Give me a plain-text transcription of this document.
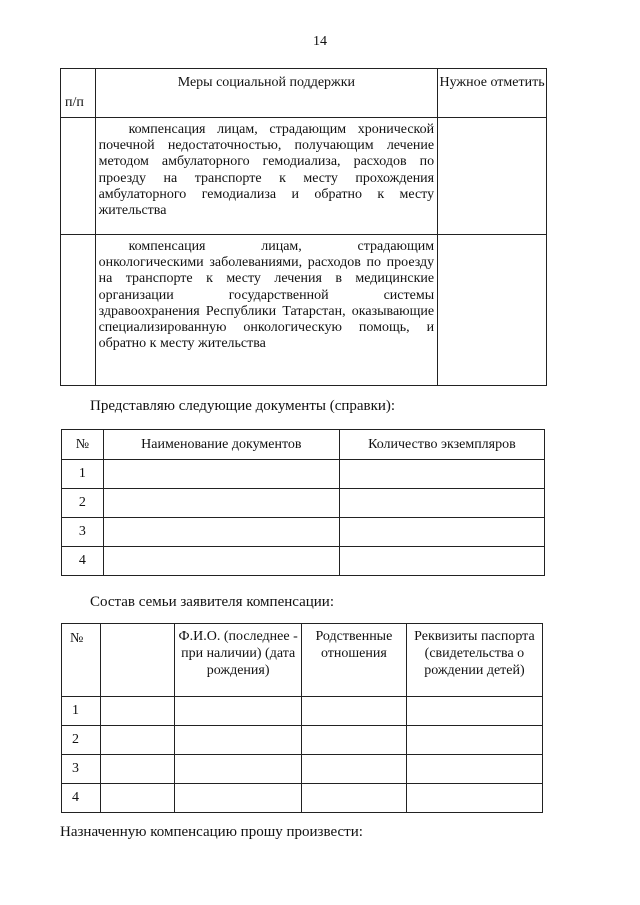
14
п/п	Меры социальной поддержки	Нужное отметить
	компенсация лицам, страдающим хронической почечной недостаточностью, получающим лечение методом амбулаторного гемодиализа, расходов по проезду на транспорте к месту прохождения амбулаторного гемодиализа и обратно к месту жительства	
	компенсация лицам, страдающим онкологическими заболеваниями, расходов по проезду на транспорте к месту лечения в медицинские организации государственной системы здравоохранения Республики Татарстан, оказывающие специализированную онкологическую помощь, и обратно к месту жительства	
Представляю следующие документы (справки):
№	Наименование документов	Количество экземпляров
1		
2		
3		
4		
Состав семьи заявителя компенсации:
№		Ф.И.О. (последнее - при наличии) (дата рождения)	Родственные отношения	Реквизиты паспорта (свидетельства о рождении детей)
1				
2				
3				
4				
Назначенную компенсацию прошу произвести:
